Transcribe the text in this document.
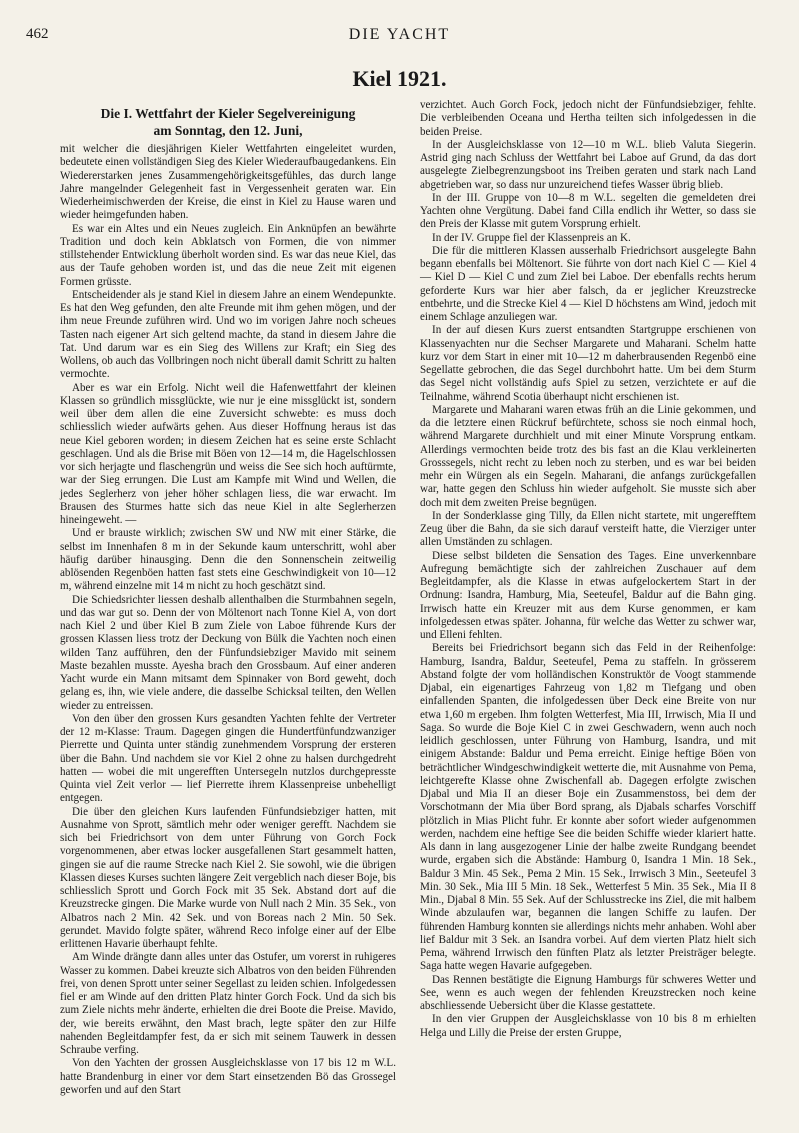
462	DIE YACHT
Kiel 1921.
Die I. Wettfahrt der Kieler Segelvereinigung
am Sonntag, den 12. Juni,

mit welcher die diesjährigen Kieler Wettfahrten eingeleitet wurden, bedeutete einen vollständigen Sieg des Kieler Wiederaufbaugedankens. Ein Wiedererstarken jenes Zusammengehörigkeitsgefühles, das durch lange Jahre mangelnder Gelegenheit fast in Vergessenheit geraten war. Ein Wiederheimischwerden der Kreise, die einst in Kiel zu Hause waren und wieder heimgefunden haben.

Es war ein Altes und ein Neues zugleich. Ein Anknüpfen an bewährte Tradition und doch kein Abklatsch von Formen, die von nimmer stillstehender Entwicklung überholt worden sind. Es war das neue Kiel, das aus der Taufe gehoben worden ist, und das die neue Zeit mit eigenen Formen grüsste.

Entscheidender als je stand Kiel in diesem Jahre an einem Wendepunkte. Es hat den Weg gefunden, den alte Freunde mit ihm gehen mögen, und der ihm neue Freunde zuführen wird. Und wo im vorigen Jahre noch scheues Tasten nach eigener Art sich geltend machte, da stand in diesem Jahre die Tat. Und darum war es ein Sieg des Willens zur Kraft; ein Sieg des Wollens, ob auch das Vollbringen noch nicht überall damit Schritt zu halten vermochte.

Aber es war ein Erfolg. Nicht weil die Hafenwettfahrt der kleinen Klassen so gründlich missglückte, wie nur je eine missglückt ist, sondern weil über dem allen die eine Zuversicht schwebte: es muss doch schliesslich wieder aufwärts gehen. Aus dieser Hoffnung heraus ist das neue Kiel geboren worden; in diesem Zeichen hat es seine erste Schlacht geschlagen. Und als die Brise mit Böen von 12—14 m, die Hagelschlossen vor sich herjagte und flaschengrün und weiss die See sich hoch auftürmte, war der Sieg errungen. Die Lust am Kampfe mit Wind und Wellen, die jedes Seglerherz von jeher höher schlagen liess, die war erwacht. Im Brausen des Sturmes hatte sich das neue Kiel in alte Seglerherzen hineingeweht. —

Und er brauste wirklich; zwischen SW und NW mit einer Stärke, die selbst im Innenhafen 8 m in der Sekunde kaum unterschritt, wohl aber häufig darüber hinausging. Denn die den Sonnenschein zeitweilig ablösenden Regenböen hatten fast stets eine Geschwindigkeit von 10—12 m, während einzelne mit 14 m nicht zu hoch geschätzt sind.

Die Schiedsrichter liessen deshalb allenthalben die Sturmbahnen segeln, und das war gut so. Denn der von Möltenort nach Tonne Kiel A, von dort nach Kiel 2 und über Kiel B zum Ziele von Laboe führende Kurs der grossen Klassen liess trotz der Deckung von Bülk die Yachten noch einen wilden Tanz aufführen, den der Fünfundsiebziger Mavido mit seinem Maste bezahlen musste. Ayesha brach den Grossbaum. Auf einer anderen Yacht wurde ein Mann mitsamt dem Spinnaker von Bord geweht, doch gelang es, ihn, wie viele andere, die dasselbe Schicksal teilten, den Wellen wieder zu entreissen.

Von den über den grossen Kurs gesandten Yachten fehlte der Vertreter der 12 m-Klasse: Traum. Dagegen gingen die Hundertfünfundzwanziger Pierrette und Quinta unter ständig zunehmendem Vorsprung der ersteren über die Bahn. Und nachdem sie vor Kiel 2 ohne zu halsen durchgedreht hatten — wobei die mit ungerefften Untersegeln nutzlos durchgepresste Quinta viel Zeit verlor — lief Pierrette ihrem Klassenpreise unbehelligt entgegen.

Die über den gleichen Kurs laufenden Fünfundsiebziger hatten, mit Ausnahme von Sprott, sämtlich mehr oder weniger gerefft. Nachdem sie sich bei Friedrichsort von dem unter Führung von Gorch Fock vorgenommenen, aber etwas locker ausgefallenen Start gesammelt hatten, gingen sie auf die raume Strecke nach Kiel 2. Sie sowohl, wie die übrigen Klassen dieses Kurses suchten längere Zeit vergeblich nach dieser Boje, bis schliesslich Sprott und Gorch Fock mit 35 Sek. Abstand dort auf die Kreuzstrecke gingen. Die Marke wurde von Null nach 2 Min. 35 Sek., von Albatros nach 2 Min. 42 Sek. und von Boreas nach 2 Min. 50 Sek. gerundet. Mavido folgte später, während Reco infolge einer auf der Elbe erlittenen Havarie überhaupt fehlte.

Am Winde drängte dann alles unter das Ostufer, um vorerst in ruhigeres Wasser zu kommen. Dabei kreuzte sich Albatros von den beiden Führenden frei, von denen Sprott unter seiner Segellast zu leiden schien. Infolgedessen fiel er am Winde auf den dritten Platz hinter Gorch Fock. Und da sich bis zum Ziele nichts mehr änderte, erhielten die drei Boote die Preise. Mavido, der, wie bereits erwähnt, den Mast brach, legte später den zur Hilfe nahenden Begleitdampfer fest, da er sich mit seinem Tauwerk in dessen Schraube verfing.

Von den Yachten der grossen Ausgleichsklasse von 17 bis 12 m W.L. hatte Brandenburg in einer vor dem Start einsetzenden Bö das Grossegel geworfen und auf den Start

verzichtet. Auch Gorch Fock, jedoch nicht der Fünfundsiebziger, fehlte. Die verbleibenden Oceana und Hertha teilten sich infolgedessen in die beiden Preise.

In der Ausgleichsklasse von 12—10 m W.L. blieb Valuta Siegerin. Astrid ging nach Schluss der Wettfahrt bei Laboe auf Grund, da das dort ausgelegte Zielbegrenzungsboot ins Treiben geraten und stark nach Land abgetrieben war, so dass nur unzureichend tiefes Wasser übrig blieb.

In der III. Gruppe von 10—8 m W.L. segelten die gemeldeten drei Yachten ohne Vergütung. Dabei fand Cilla endlich ihr Wetter, so dass sie den Preis der Klasse mit gutem Vorsprung erhielt.

In der IV. Gruppe fiel der Klassenpreis an K.

Die für die mittleren Klassen ausserhalb Friedrichsort ausgelegte Bahn begann ebenfalls bei Möltenort. Sie führte von dort nach Kiel C — Kiel 4 — Kiel D — Kiel C und zum Ziel bei Laboe. Der ebenfalls rechts herum geforderte Kurs war hier aber falsch, da er jeglicher Kreuzstrecke entbehrte, und die Strecke Kiel 4 — Kiel D höchstens am Wind, jedoch mit einem Schlage anzuliegen war.

In der auf diesen Kurs zuerst entsandten Startgruppe erschienen von Klassenyachten nur die Sechser Margarete und Maharani. Schelm hatte kurz vor dem Start in einer mit 10—12 m daherbrausenden Regenbö eine Segellatte gebrochen, die das Segel durchbohrt hatte. Um bei dem Sturm das Segel nicht vollständig aufs Spiel zu setzen, verzichtete er auf die Teilnahme, während Scotia überhaupt nicht erschienen ist.

Margarete und Maharani waren etwas früh an die Linie gekommen, und da die letztere einen Rückruf befürchtete, schoss sie noch einmal hoch, während Margarete durchhielt und mit einer Minute Vorsprung entkam. Allerdings vermochten beide trotz des bis fast an die Klau verkleinerten Grosssegels, nicht recht zu leben noch zu sterben, und es war bei beiden mehr ein Würgen als ein Segeln. Maharani, die anfangs zurückgefallen war, hatte gegen den Schluss hin wieder aufgeholt. Sie musste sich aber doch mit dem zweiten Preise begnügen.

In der Sonderklasse ging Tilly, da Ellen nicht startete, mit ungerefftem Zeug über die Bahn, da sie sich darauf versteift hatte, die Vierziger unter allen Umständen zu schlagen.

Diese selbst bildeten die Sensation des Tages. Eine unverkennbare Aufregung bemächtigte sich der zahlreichen Zuschauer auf dem Begleitdampfer, als die Klasse in etwas aufgelockertem Start in der Ordnung: Isandra, Hamburg, Mia, Seeteufel, Baldur auf die Bahn ging. Irrwisch hatte ein Kreuzer mit aus dem Kurse genommen, er kam infolgedessen etwas später. Johanna, für welche das Wetter zu schwer war, und Elleni fehlten.

Bereits bei Friedrichsort begann sich das Feld in der Reihenfolge: Hamburg, Isandra, Baldur, Seeteufel, Pema zu staffeln. In grösserem Abstand folgte der vom holländischen Konstruktör de Voogt stammende Djabal, ein eigenartiges Fahrzeug von 1,82 m Tiefgang und oben einfallenden Spanten, die infolgedessen über Deck eine Breite von nur etwa 1,60 m ergeben. Ihm folgten Wetterfest, Mia III, Irrwisch, Mia II und Saga. So wurde die Boje Kiel C in zwei Geschwadern, wenn auch noch leidlich geschlossen, unter Führung von Hamburg, Isandra, und mit einigem Abstande: Baldur und Pema erreicht. Einige heftige Böen von beträchtlicher Windgeschwindigkeit wetterte die, mit Ausnahme von Pema, leichtgerefte Klasse ohne Zwischenfall ab. Dagegen erfolgte zwischen Djabal und Mia II an dieser Boje ein Zusammenstoss, bei dem der Vorschotmann der Mia über Bord sprang, als Djabals scharfes Vorschiff plötzlich in Mias Plicht fuhr. Er konnte aber sofort wieder aufgenommen werden, nachdem eine heftige See die beiden Schiffe wieder klariert hatte. Als dann in lang ausgezogener Linie der halbe zweite Rundgang beendet wurde, ergaben sich die Abstände: Hamburg 0, Isandra 1 Min. 18 Sek., Baldur 3 Min. 45 Sek., Pema 2 Min. 15 Sek., Irrwisch 3 Min., Seeteufel 3 Min. 30 Sek., Mia III 5 Min. 18 Sek., Wetterfest 5 Min. 35 Sek., Mia II 8 Min., Djabal 8 Min. 55 Sek. Auf der Schlusstrecke ins Ziel, die mit halbem Winde abzulaufen war, begannen die langen Schiffe zu laufen. Der führenden Hamburg konnten sie allerdings nichts mehr anhaben. Wohl aber lief Baldur mit 3 Sek. an Isandra vorbei. Auf dem vierten Platz hielt sich Pema, während Irrwisch den fünften Platz als letzter Preisträger belegte. Saga hatte wegen Havarie aufgegeben.

Das Rennen bestätigte die Eignung Hamburgs für schweres Wetter und See, wenn es auch wegen der fehlenden Kreuzstrecken noch keine abschliessende Uebersicht über die Klasse gestattete.

In den vier Gruppen der Ausgleichsklasse von 10 bis 8 m erhielten Helga und Lilly die Preise der ersten Gruppe,
